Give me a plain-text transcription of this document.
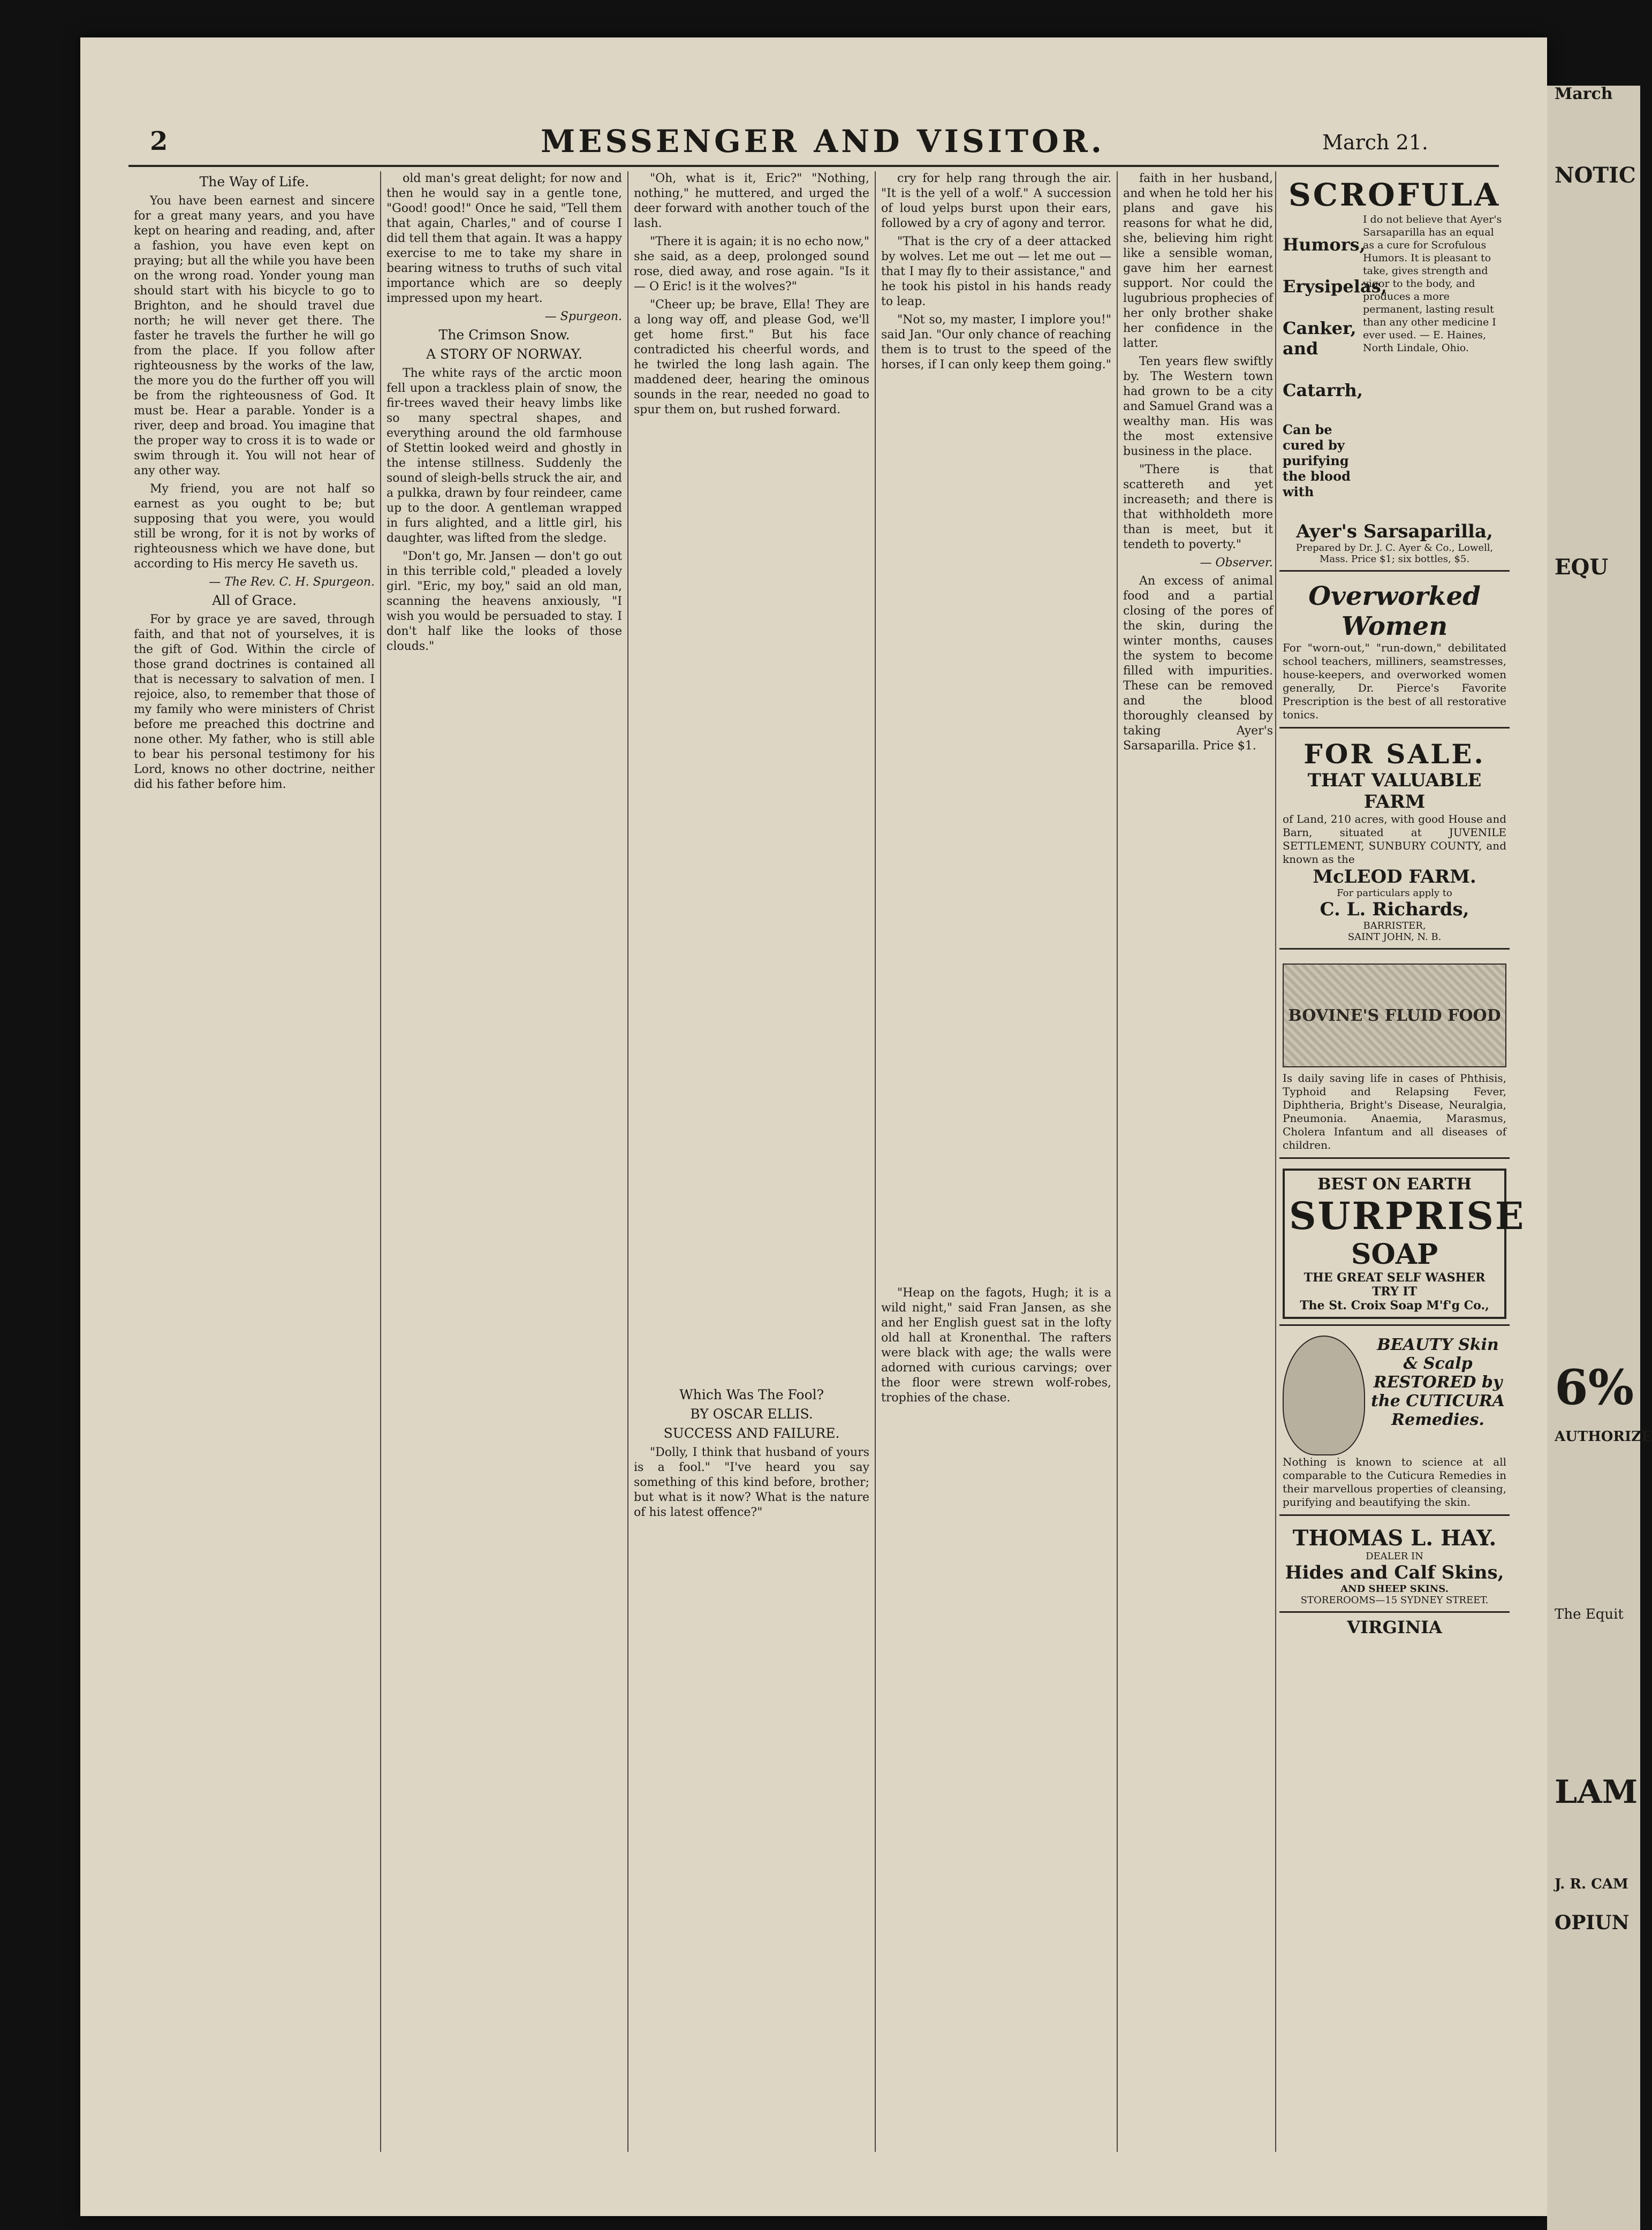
2	MESSENGER AND VISITOR.	March 21.
The Way of Life.

You have been earnest and sincere for a great many years, and you have kept on hearing and reading, and, after a fashion, you have even kept on praying; but all the while you have been on the wrong road. Yonder young man should start with his bicycle to go to Brighton, and he should travel due north; he will never get there. The faster he travels the further he will go from the place. If you follow after righteousness by the works of the law, the more you do the further off you will be from the righteousness of God. It must be. Hear a parable. Yonder is a river, deep and broad. You imagine that the proper way to cross it is to wade or swim through it. You will not hear of any other way.

My friend, you are not half so earnest as you ought to be; but supposing that you were, you would still be wrong, for it is not by works of righteousness which we have done, but according to His mercy He saveth us.

— The Rev. C. H. Spurgeon.

All of Grace.

For by grace ye are saved, through faith, and that not of yourselves, it is the gift of God. Within the circle of those grand doctrines is contained all that is necessary to salvation of men. I rejoice, also, to remember that those of my family who were ministers of Christ before me preached this doctrine and none other. My father, who is still able to bear his personal testimony for his Lord, knows no other doctrine, neither did his father before him.

old man's great delight; for now and then he would say in a gentle tone, "Good! good!" Once he said, "Tell them that again, Charles," and of course I did tell them that again. It was a happy exercise to me to take my share in bearing witness to truths of such vital importance which are so deeply impressed upon my heart.

— Spurgeon.

The Crimson Snow.
A STORY OF NORWAY.

The white rays of the arctic moon fell upon a trackless plain of snow, the fir-trees waved their heavy limbs like so many spectral shapes, and everything around the old farmhouse of Stettin looked weird and ghostly in the intense stillness. Suddenly the sound of sleigh-bells struck the air, and a pulkka, drawn by four reindeer, came up to the door. A gentleman wrapped in furs alighted, and a little girl, his daughter, was lifted from the sledge.

"Don't go, Mr. Jansen — don't go out in this terrible cold," pleaded a lovely girl. "Eric, my boy," said an old man, scanning the heavens anxiously, "I wish you would be persuaded to stay. I don't half like the looks of those clouds."

"Oh, what is it, Eric?" "Nothing, nothing," he muttered, and urged the deer forward with another touch of the lash.

"There it is again; it is no echo now," she said, as a deep, prolonged sound rose, died away, and rose again. "Is it — O Eric! is it the wolves?"

"Cheer up; be brave, Ella! They are a long way off, and please God, we'll get home first." But his face contradicted his cheerful words, and he twirled the long lash again. The maddened deer, hearing the ominous sounds in the rear, needed no goad to spur them on, but rushed forward.

Which Was The Fool?
BY OSCAR ELLIS.
SUCCESS AND FAILURE.

"Dolly, I think that husband of yours is a fool." "I've heard you say something of this kind before, brother; but what is it now? What is the nature of his latest offence?"

cry for help rang through the air. "It is the yell of a wolf." A succession of loud yelps burst upon their ears, followed by a cry of agony and terror.

"That is the cry of a deer attacked by wolves. Let me out — let me out — that I may fly to their assistance," and he took his pistol in his hands ready to leap.

"Not so, my master, I implore you!" said Jan. "Our only chance of reaching them is to trust to the speed of the horses, if I can only keep them going."

"Heap on the fagots, Hugh; it is a wild night," said Fran Jansen, as she and her English guest sat in the lofty old hall at Kronenthal. The rafters were black with age; the walls were adorned with curious carvings; over the floor were strewn wolf-robes, trophies of the chase.

faith in her husband, and when he told her his plans and gave his reasons for what he did, she, believing him right like a sensible woman, gave him her earnest support. Nor could the lugubrious prophecies of her only brother shake her confidence in the latter.

Ten years flew swiftly by. The Western town had grown to be a city and Samuel Grand was a wealthy man. His was the most extensive business in the place.

"There is that scattereth and yet increaseth; and there is that withholdeth more than is meet, but it tendeth to poverty."

— Observer.

An excess of animal food and a partial closing of the pores of the skin, during the winter months, causes the system to become filled with impurities. These can be removed and the blood thoroughly cleansed by taking Ayer's Sarsaparilla. Price $1.

SCROFULA
Humors,
Erysipelas,
Canker, and
Catarrh,
Can be cured by purifying the blood with
I do not believe that Ayer's Sarsaparilla has an equal as a cure for Scrofulous Humors. It is pleasant to take, gives strength and vigor to the body, and produces a more permanent, lasting result than any other medicine I ever used. — E. Haines, North Lindale, Ohio.
Ayer's Sarsaparilla,
Prepared by Dr. J. C. Ayer & Co., Lowell, Mass. Price $1; six bottles, $5.
Overworked Women
For "worn-out," "run-down," debilitated school teachers, milliners, seamstresses, house-keepers, and overworked women generally, Dr. Pierce's Favorite Prescription is the best of all restorative tonics.
FOR SALE.
THAT VALUABLE FARM
of Land, 210 acres, with good House and Barn, situated at JUVENILE SETTLEMENT, SUNBURY COUNTY, and known as the
McLEOD FARM.
For particulars apply to
C. L. Richards,
BARRISTER,
SAINT JOHN, N. B.
BOVINE'S FLUID FOOD
Is daily saving life in cases of Phthisis, Typhoid and Relapsing Fever, Diphtheria, Bright's Disease, Neuralgia, Pneumonia. Anaemia, Marasmus, Cholera Infantum and all diseases of children.
BEST ON EARTH
SURPRISE
SOAP
THE GREAT SELF WASHER TRY IT
The St. Croix Soap M'f'g Co.,
BEAUTY Skin & Scalp RESTORED by the CUTICURA Remedies.
Nothing is known to science at all comparable to the Cuticura Remedies in their marvellous properties of cleansing, purifying and beautifying the skin.
THOMAS L. HAY.
DEALER IN
Hides and Calf Skins,
AND SHEEP SKINS.
STOREROOMS—15 SYDNEY STREET.
VIRGINIA
March
NOTIC
EQU
6%
AUTHORIZE
The Equit
LAM
J. R. CAM
OPIUN
